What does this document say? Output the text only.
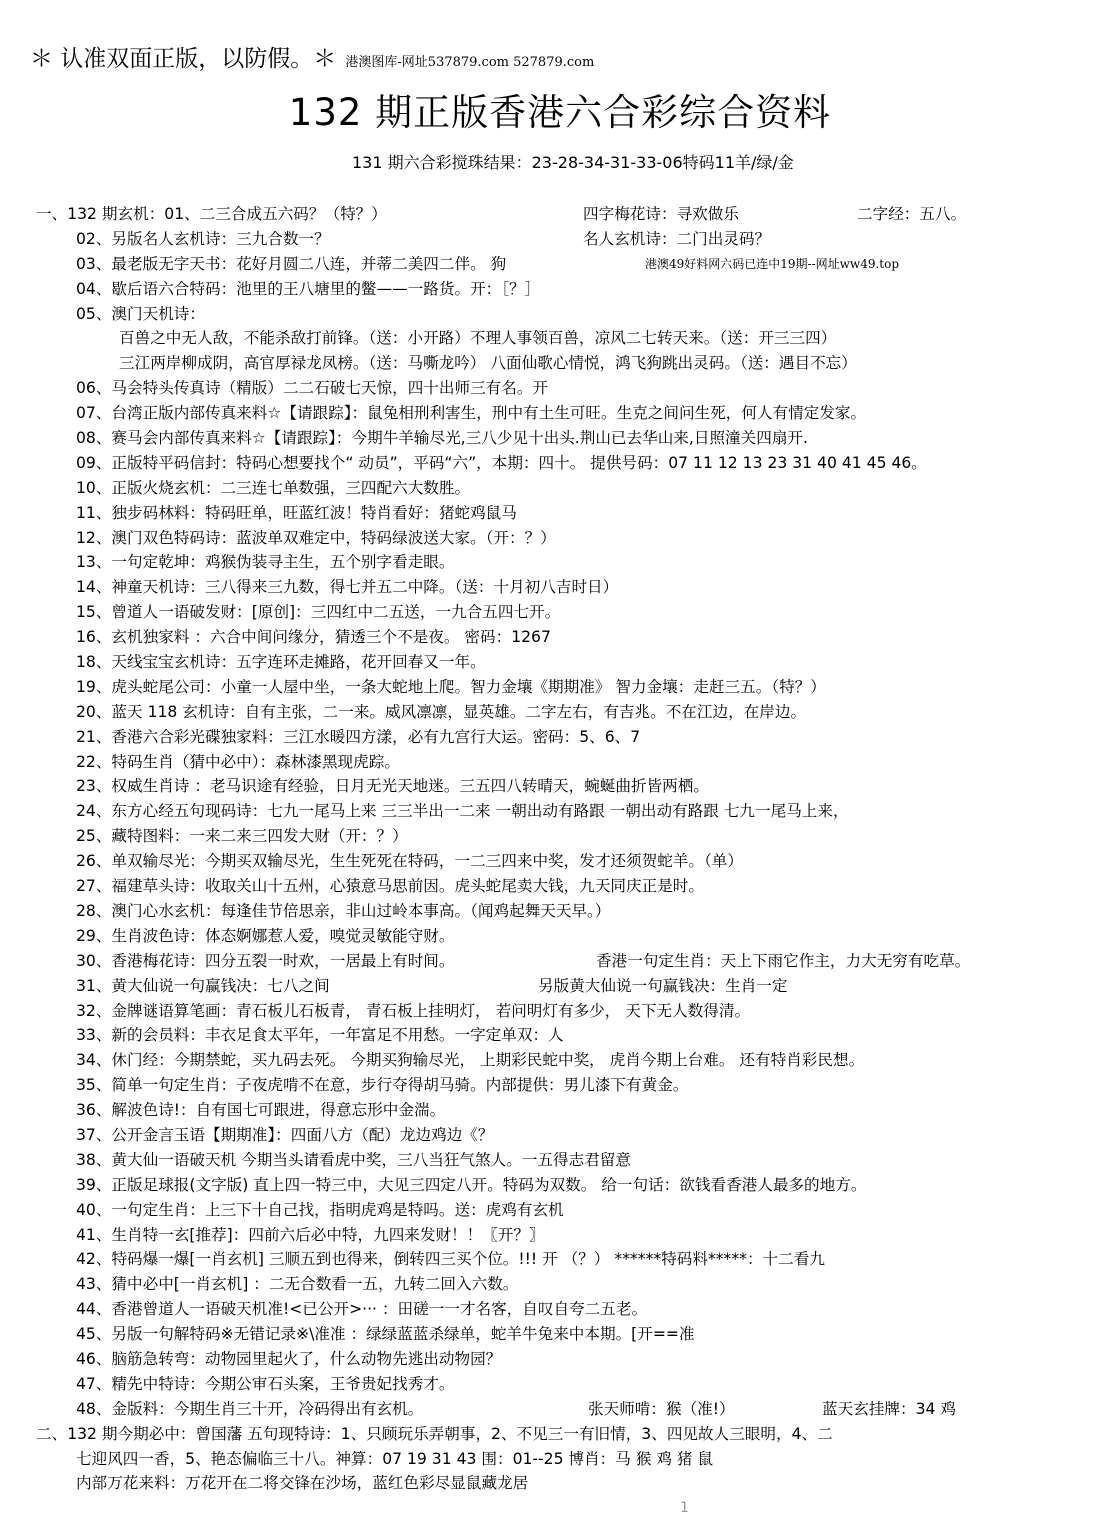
＊ 认准双面正版，以防假。＊ 港澳图库-网址537879.com 527879.com
132 期正版香港六合彩综合资料
131 期六合彩搅珠结果：23-28-34-31-33-06特码11羊/绿/金
一、132 期玄机：01、二三合成五六码？（特？）	四字梅花诗：寻欢做乐	二字经：五八。
02、另版名人玄机诗：三九合数一？	名人玄机诗：二门出灵码？
03、最老版无字天书：花好月圆二八连，并蒂二美四二伴。 狗	港澳49好料网六码已连中19期--网址ww49.top
04、歇后语六合特码：池里的王八塘里的鳖——一路货。开：［？］
05、澳门天机诗：
百兽之中无人敌，不能杀敌打前锋。（送：小开路）不理人事领百兽，凉风二七转天来。（送：开三三四）
三江两岸柳成阴，高官厚禄龙凤榜。（送：马嘶龙吟） 八面仙歌心情悦，鸿飞狗跳出灵码。（送：遇目不忘）
06、马会特头传真诗（精版）二二石破七天惊，四十出师三有名。开
07、台湾正版内部传真来料☆【请跟踪】：鼠兔相刑利害生，刑中有土生可旺。生克之间问生死，何人有情定发家。
08、赛马会内部传真来料☆【请跟踪】：今期牛羊输尽光,三八少见十出头.荆山已去华山来,日照潼关四扇开.
09、正版特平码信封：特码心想要找个“ 动员”，平码“六”，本期：四十。 提供号码：07 11 12 13 23 31 40 41 45 46。
10、正版火烧玄机：二三连七单数强，三四配六大数胜。
11、独步码林料：特码旺单，旺蓝红波！特肖看好：猪蛇鸡鼠马
12、澳门双色特码诗：蓝波单双难定中，特码绿波送大家。（开：？）
13、一句定乾坤：鸡猴伪装寻主生，五个别字看走眼。
14、神童天机诗：三八得来三九数，得七并五二中降。（送：十月初八吉时日）
15、曾道人一语破发财：[原创]：三四红中二五送，一九合五四七开。
16、玄机独家料 ：六合中间问缘分，猜透三个不是夜。 密码：1267
18、天线宝宝玄机诗：五字连环走摊路，花开回春又一年。
19、虎头蛇尾公司：小童一人屋中坐，一条大蛇地上爬。智力金壤《期期准》 智力金壤：走赶三五。（特？）
20、蓝天 118 玄机诗：自有主张，二一来。威风凛凛，显英雄。二字左右，有吉兆。不在江边，在岸边。
21、香港六合彩光碟独家料：三江水暖四方漾，必有九宫行大运。密码：5、6、7
22、特码生肖（猜中必中）：森林漆黑现虎踪。
23、权威生肖诗 ：老马识途有经验，日月无光天地迷。三五四八转晴天，蜿蜒曲折皆两栖。
24、东方心经五句现码诗：七九一尾马上来 三三半出一二来 一朝出动有路跟 一朝出动有路跟 七九一尾马上来，
25、藏特图料：一来二来三四发大财（开：？）
26、单双输尽光：今期买双输尽光，生生死死在特码，一二三四来中奖，发才还须贺蛇羊。（单）
27、福建草头诗：收取关山十五州，心猿意马思前因。虎头蛇尾卖大钱，九天同庆正是时。
28、澳门心水玄机：每逢佳节倍思亲，非山过岭本事高。（闻鸡起舞天天早。）
29、生肖波色诗：体态婀娜惹人爱，嗅觉灵敏能守财。
30、香港梅花诗：四分五裂一时欢，一居最上有时间。	香港一句定生肖：天上下雨它作主，力大无穷有吃草。
31、黄大仙说一句赢钱决：七八之间	另版黄大仙说一句赢钱决：生肖一定
32、金牌谜语算笔画：青石板儿石板青， 青石板上挂明灯， 若问明灯有多少， 天下无人数得清。
33、新的会员料：丰衣足食太平年，一年富足不用愁。一字定单双：人
34、休门经：今期禁蛇，买九码去死。 今期买狗输尽光， 上期彩民蛇中奖， 虎肖今期上台难。 还有特肖彩民想。
35、简单一句定生肖：子夜虎啃不在意，步行夺得胡马骑。内部提供：男儿漆下有黄金。
36、解波色诗!：自有国七可跟进，得意忘形中金湍。
37、公开金言玉语【期期准】：四面八方（配）龙边鸡边《？
38、黄大仙一语破天机 今期当头请看虎中奖，三八当狂气煞人。一五得志君留意
39、正版足球报(文字版) 直上四一特三中，大见三四定八开。特码为双数。 给一句话：欲钱看香港人最多的地方。
40、一句定生肖：上三下十自己找，指明虎鸡是特吗。送：虎鸡有玄机
41、生肖特一玄[推荐]：四前六后必中特，九四来发财！！〖开？〗
42、特码爆一爆[一肖玄机] 三顺五到也得来，倒转四三买个位。!!! 开 （？） ******特码料*****：十二看九
43、猜中必中[一肖玄机] ：二无合数看一五，九转二回入六数。
44、香港曾道人一语破天机准!<已公开>··· ：田磋一一才名客，自叹自夸二五老。
45、另版一句解特码※无错记录※\准准 ：绿绿蓝蓝杀绿单，蛇羊牛兔来中本期。[开==准
46、脑筋急转弯：动物园里起火了，什么动物先逃出动物园？
47、精先中特诗：今期公审石头案，王爷贵妃找秀才。
48、金版料：今期生肖三十开，冷码得出有玄机。	张天师啃：猴（准!）	蓝天玄挂牌：34 鸡
二、132 期今期必中：曾国藩 五句现特诗：1、只顾玩乐弄朝事，2、不见三一有旧情，3、四见故人三眼明，4、二
七迎风四一香，5、艳态偏临三十八。神算：07 19 31 43 围：01--25 博肖：马 猴 鸡 猪 鼠
内部万花来料：万花开在二将交锋在沙场，蓝红色彩尽显鼠藏龙居
1
